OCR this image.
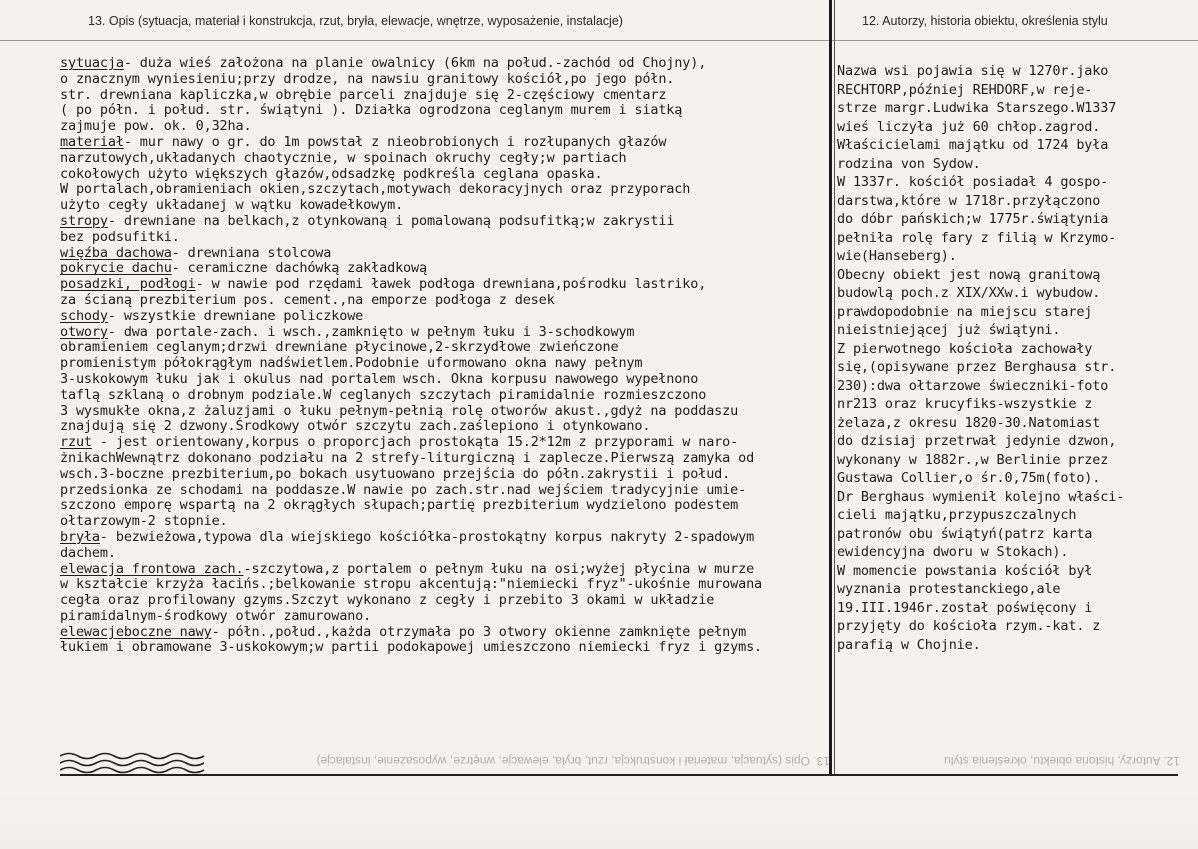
13. Opis (sytuacja, materiał i konstrukcja, rzut, bryła, elewacje, wnętrze, wyposażenie, instalacje)	12. Autorzy, historia obiektu, określenia stylu
sytuacja- duża wieś założona na planie owalnicy (6km na połud.-zachód od Chojny),
o znacznym wyniesieniu;przy drodze, na nawsiu granitowy kościół,po jego półn.
str. drewniana kapliczka,w obrębie parceli znajduje się 2-częściowy cmentarz
( po półn. i połud. str. świątyni ). Działka ogrodzona ceglanym murem i siatką
zajmuje pow. ok. 0,32ha.
materiał- mur nawy o gr. do 1m powstał z nieobrobionych i rozłupanych głazów
narzutowych,układanych chaotycznie, w spoinach okruchy cegły;w partiach
cokołowych użyto większych głazów,odsadzkę podkreśla ceglana opaska.
W portalach,obramieniach okien,szczytach,motywach dekoracyjnych oraz przyporach
użyto cegły układanej w wątku kowadełkowym.
stropy- drewniane na belkach,z otynkowaną i pomalowaną podsufitką;w zakrystii
bez podsufitki.
więźba dachowa- drewniana stolcowa
pokrycie dachu- ceramiczne dachówką zakładkową
posadzki, podłogi- w nawie pod rzędami ławek podłoga drewniana,pośrodku lastriko,
za ścianą prezbiterium pos. cement.,na emporze podłoga z desek
schody- wszystkie drewniane policzkowe
otwory- dwa portale-zach. i wsch.,zamknięto w pełnym łuku i 3-schodkowym
obramieniem ceglanym;drzwi drewniane płycinowe,2-skrzydłowe zwieńczone
promienistym półokrągłym nadświetlem.Podobnie uformowano okna nawy pełnym
3-uskokowym łuku jak i okulus nad portalem wsch. Okna korpusu nawowego wypełnono
taflą szklaną o drobnym podziale.W ceglanych szczytach piramidalnie rozmieszczono
3 wysmukłe okna,z żaluzjami o łuku pełnym-pełnią rolę otworów akust.,gdyż na poddaszu
znajdują się 2 dzwony.Środkowy otwór szczytu zach.zaślepiono i otynkowano.
rzut - jest orientowany,korpus o proporcjach prostokąta 15.2*12m z przyporami w naro-
żnikachWewnątrz dokonano podziału na 2 strefy-liturgiczną i zaplecze.Pierwszą zamyka od
wsch.3-boczne prezbiterium,po bokach usytuowano przejścia do półn.zakrystii i połud.
przedsionka ze schodami na poddasze.W nawie po zach.str.nad wejściem tradycyjnie umie-
szczono emporę wspartą na 2 okrągłych słupach;partię prezbiterium wydzielono podestem
ołtarzowym-2 stopnie.
bryła- bezwieżowa,typowa dla wiejskiego kościółka-prostokątny korpus nakryty 2-spadowym
dachem.
elewacja frontowa zach.-szczytowa,z portalem o pełnym łuku na osi;wyżej płycina w murze
w kształcie krzyża łacińs.;belkowanie stropu akcentują:"niemiecki fryz"-ukośnie murowana
cegła oraz profilowany gzyms.Szczyt wykonano z cegły i przebito 3 okami w układzie
piramidalnym-środkowy otwór zamurowano.
elewacjeboczne nawy- półn.,połud.,każda otrzymała po 3 otwory okienne zamknięte pełnym
łukiem i obramowane 3-uskokowym;w partii podokapowej umieszczono niemiecki fryz i gzyms.
Nazwa wsi pojawia się w 1270r.jako
RECHTORP,później REHDORF,w reje-
strze margr.Ludwika Starszego.W1337
wieś liczyła już 60 chłop.zagrod.
Właścicielami majątku od 1724 była
rodzina von Sydow.
W 1337r. kościół posiadał 4 gospo-
darstwa,które w 1718r.przyłączono
do dóbr pańskich;w 1775r.świątynia
pełniła rolę fary z filią w Krzymo-
wie(Hanseberg).
Obecny obiekt jest nową granitową
budowlą poch.z XIX/XXw.i wybudow.
prawdopodobnie na miejscu starej
nieistniejącej już świątyni.
Z pierwotnego kościoła zachowały
się,(opisywane przez Berghausa str.
230):dwa ołtarzowe świeczniki-foto
nr213 oraz krucyfiks-wszystkie z
żelaza,z okresu 1820-30.Natomiast
do dzisiaj przetrwał jedynie dzwon,
wykonany w 1882r.,w Berlinie przez
Gustawa Collier,o śr.0,75m(foto).
Dr Berghaus wymienił kolejno właści-
cieli majątku,przypuszczalnych
patronów obu świątyń(patrz karta
ewidencyjna dworu w Stokach).
W momencie powstania kościół był
wyznania protestanckiego,ale
19.III.1946r.został poświęcony i
przyjęty do kościoła rzym.-kat. z
parafią w Chojnie.
13. Opis (sytuacja, materiał i konstrukcja, rzut, bryła, elewacje, wnętrze, wyposażenie, instalacje)	12. Autorzy, historia obiektu, określenia stylu
